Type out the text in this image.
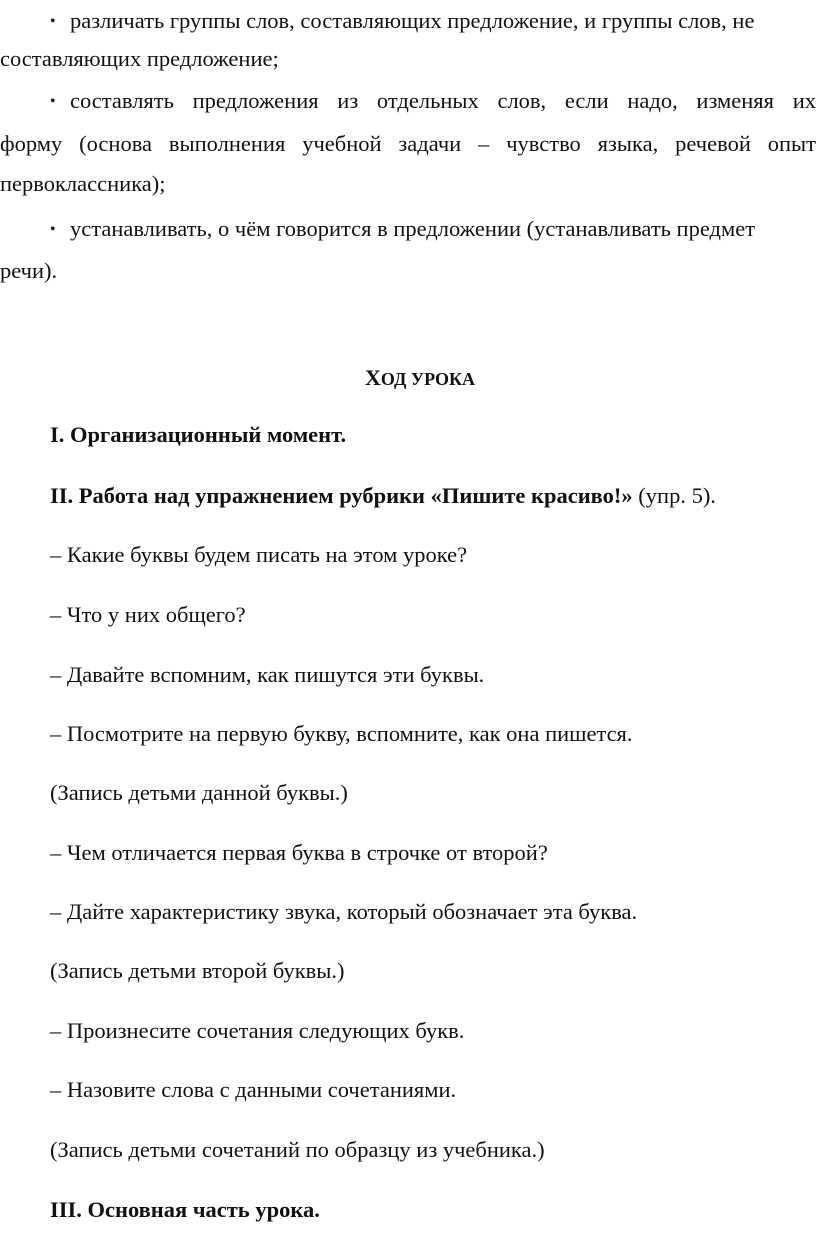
• различать группы слов, составляющих предложение, и группы слов, не
составляющих предложение;
• составлять предложения из отдельных слов, если надо, изменяя их
форму (основа выполнения учебной задачи – чувство языка, речевой опыт
первоклассника);
• устанавливать, о чём говорится в предложении (устанавливать предмет
речи).
ХОД УРОКА
I. Организационный момент.
II. Работа над упражнением рубрики «Пишите красиво!» (упр. 5).
– Какие буквы будем писать на этом уроке?
– Что у них общего?
– Давайте вспомним, как пишутся эти буквы.
– Посмотрите на первую букву, вспомните, как она пишется.
(Запись детьми данной буквы.)
– Чем отличается первая буква в строчке от второй?
– Дайте характеристику звука, который обозначает эта буква.
(Запись детьми второй буквы.)
– Произнесите сочетания следующих букв.
– Назовите слова с данными сочетаниями.
(Запись детьми сочетаний по образцу из учебника.)
III. Основная часть урока.
